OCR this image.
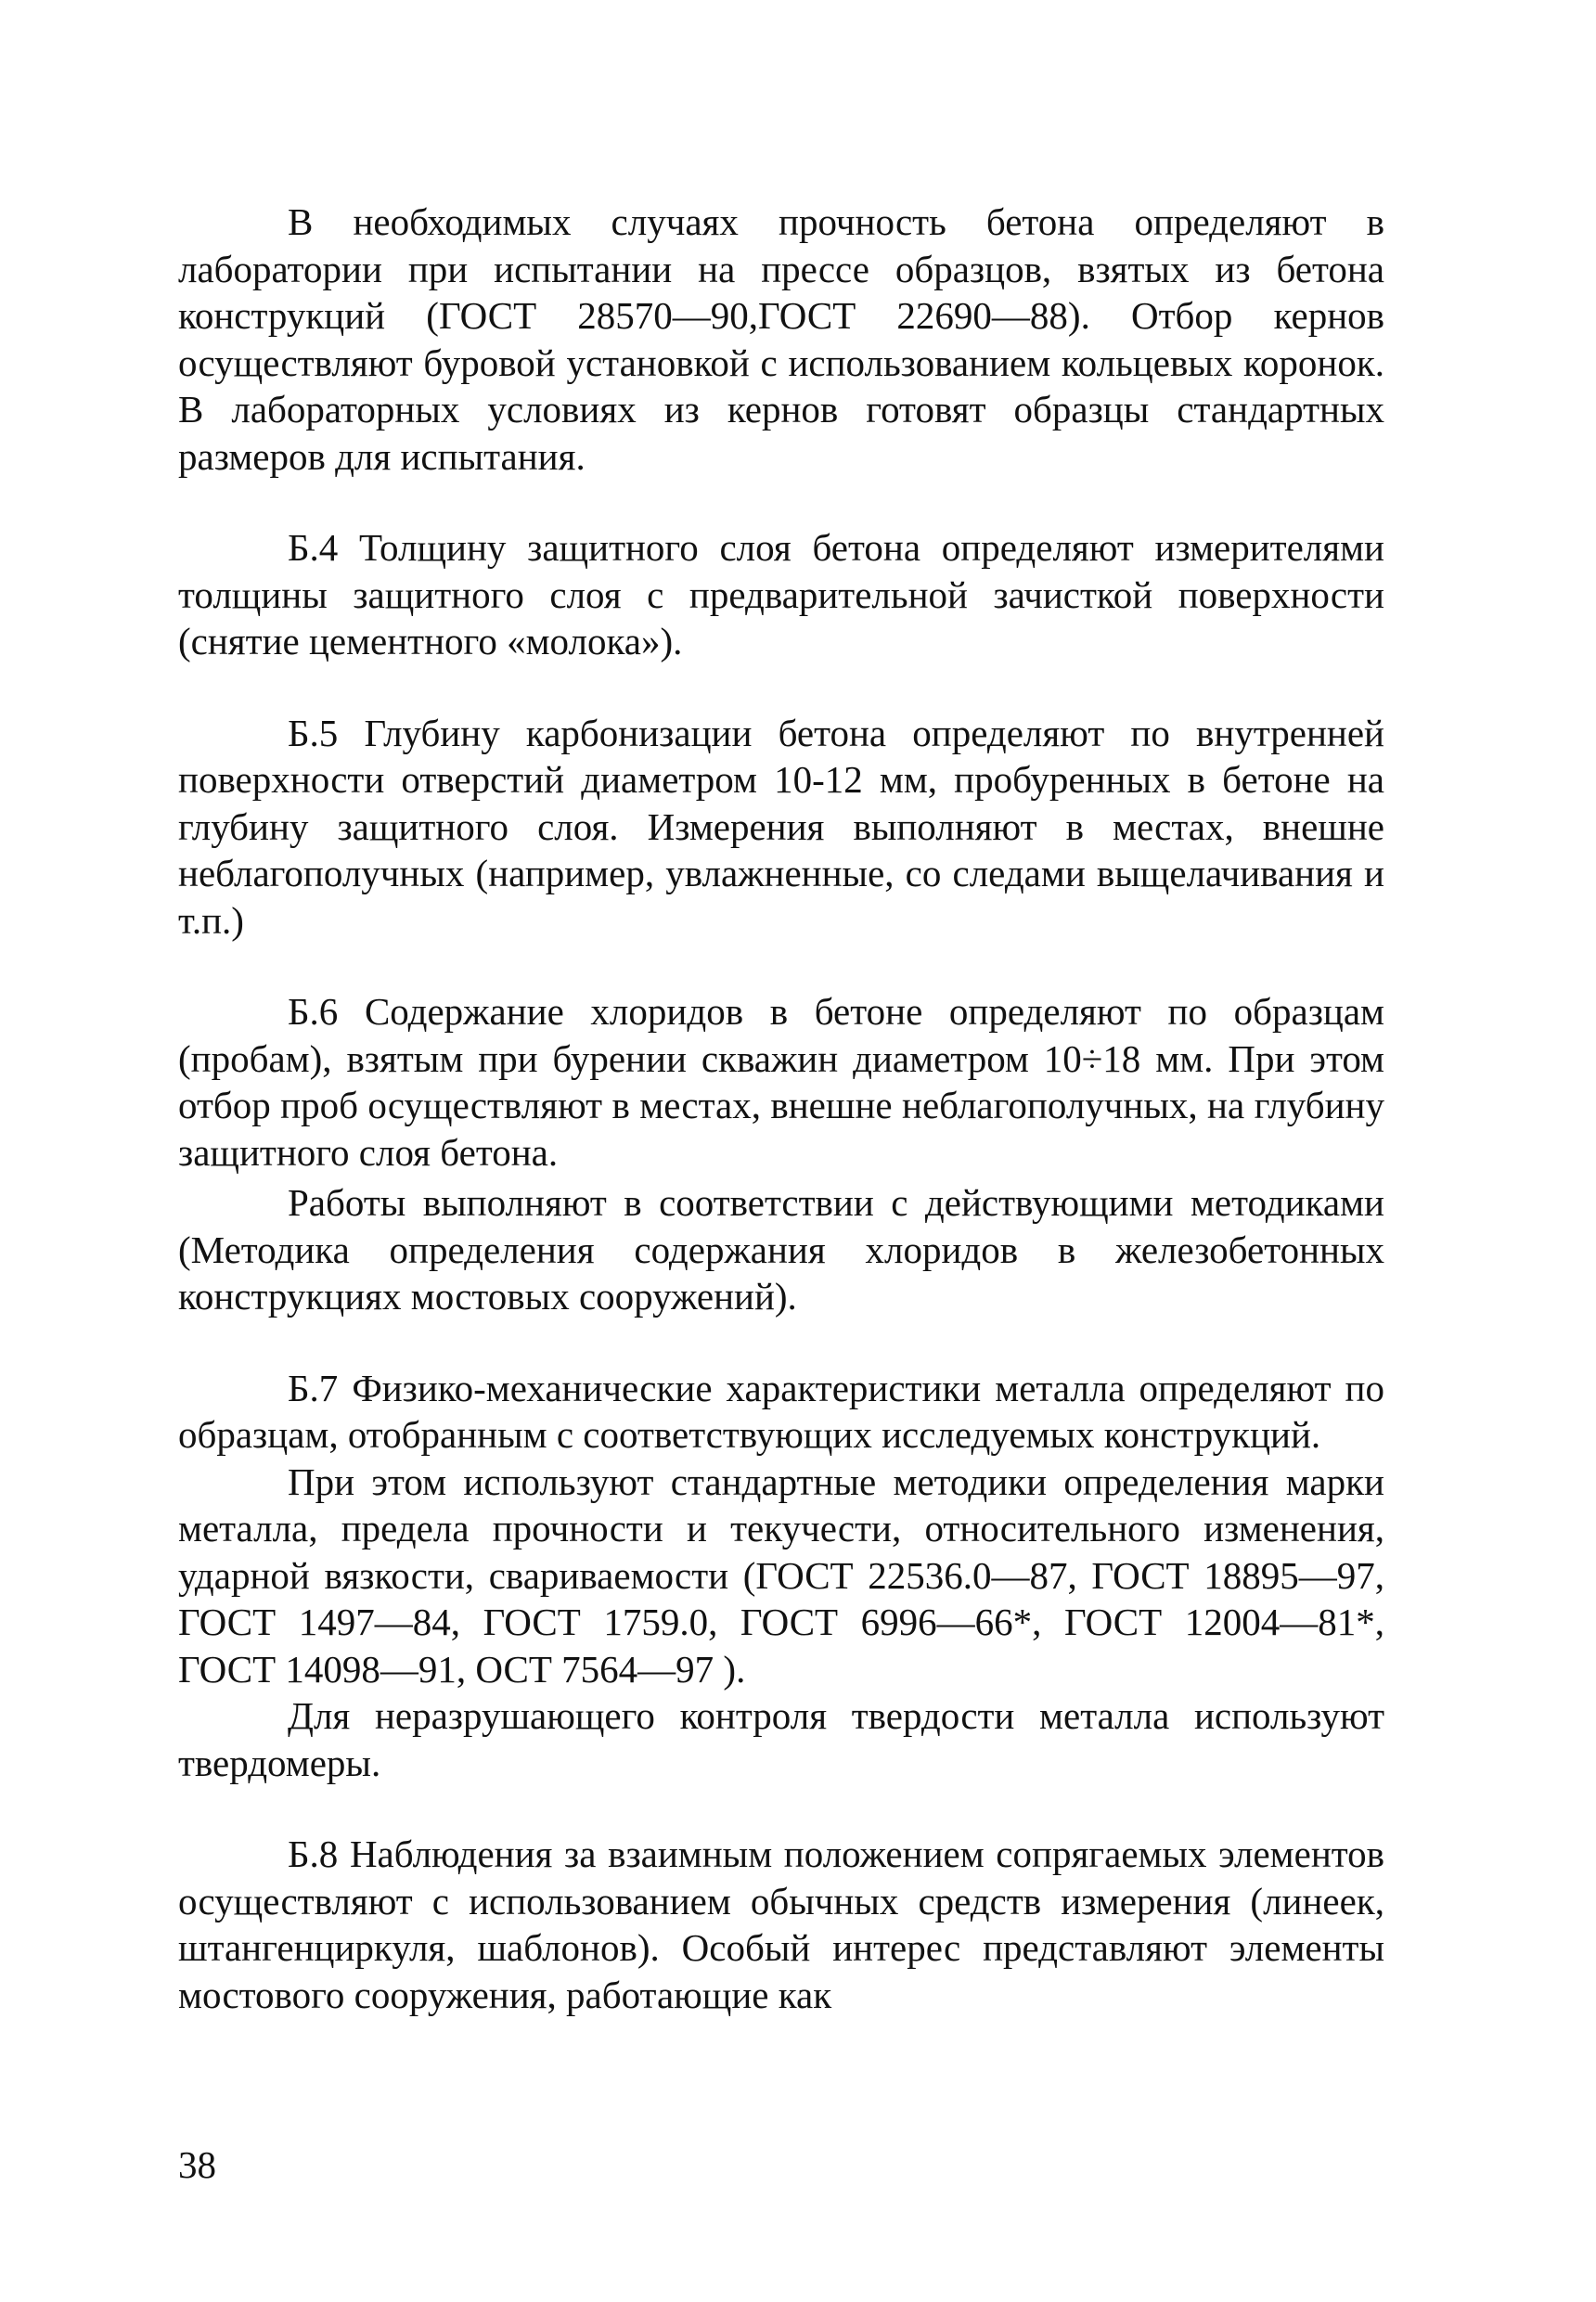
В необходимых случаях прочность бетона определяют в лаборатории при испытании на прессе образцов, взятых из бетона конструкций (ГОСТ 28570—90,ГОСТ 22690—88). Отбор кернов осуществляют буровой установкой с использованием кольцевых коронок. В лабораторных условиях из кернов готовят образцы стандартных размеров для испытания.

Б.4 Толщину защитного слоя бетона определяют измерителями толщины защитного слоя с предварительной зачисткой поверхности (снятие цементного «молока»).

Б.5 Глубину карбонизации бетона определяют по внутренней поверхности отверстий диаметром 10-12 мм, пробуренных в бетоне на глубину защитного слоя. Измерения выполняют в местах, внешне неблагополучных (например, увлажненные, со следами выщелачивания и т.п.)

Б.6 Содержание хлоридов в бетоне определяют по образцам (пробам), взятым при бурении скважин диаметром 10÷18 мм. При этом отбор проб осуществляют в местах, внешне неблагополучных, на глубину защитного слоя бетона.

Работы выполняют в соответствии с действующими методиками (Методика определения содержания хлоридов в железобетонных конструкциях мостовых сооружений).

Б.7 Физико-механические характеристики металла определяют по образцам, отобранным с соответствующих исследуемых конструкций.

При этом используют стандартные методики определения марки металла, предела прочности и текучести, относительного изменения, ударной вязкости, свариваемости (ГОСТ 22536.0—87, ГОСТ 18895—97, ГОСТ 1497—84, ГОСТ 1759.0, ГОСТ 6996—66*, ГОСТ 12004—81*, ГОСТ 14098—91, ОСТ 7564—97 ).

Для неразрушающего контроля твердости металла используют твердомеры.

Б.8 Наблюдения за взаимным положением сопрягаемых элементов осуществляют с использованием обычных средств измерения (линеек, штангенциркуля, шаблонов). Особый интерес представляют элементы мостового сооружения, работающие как

38
